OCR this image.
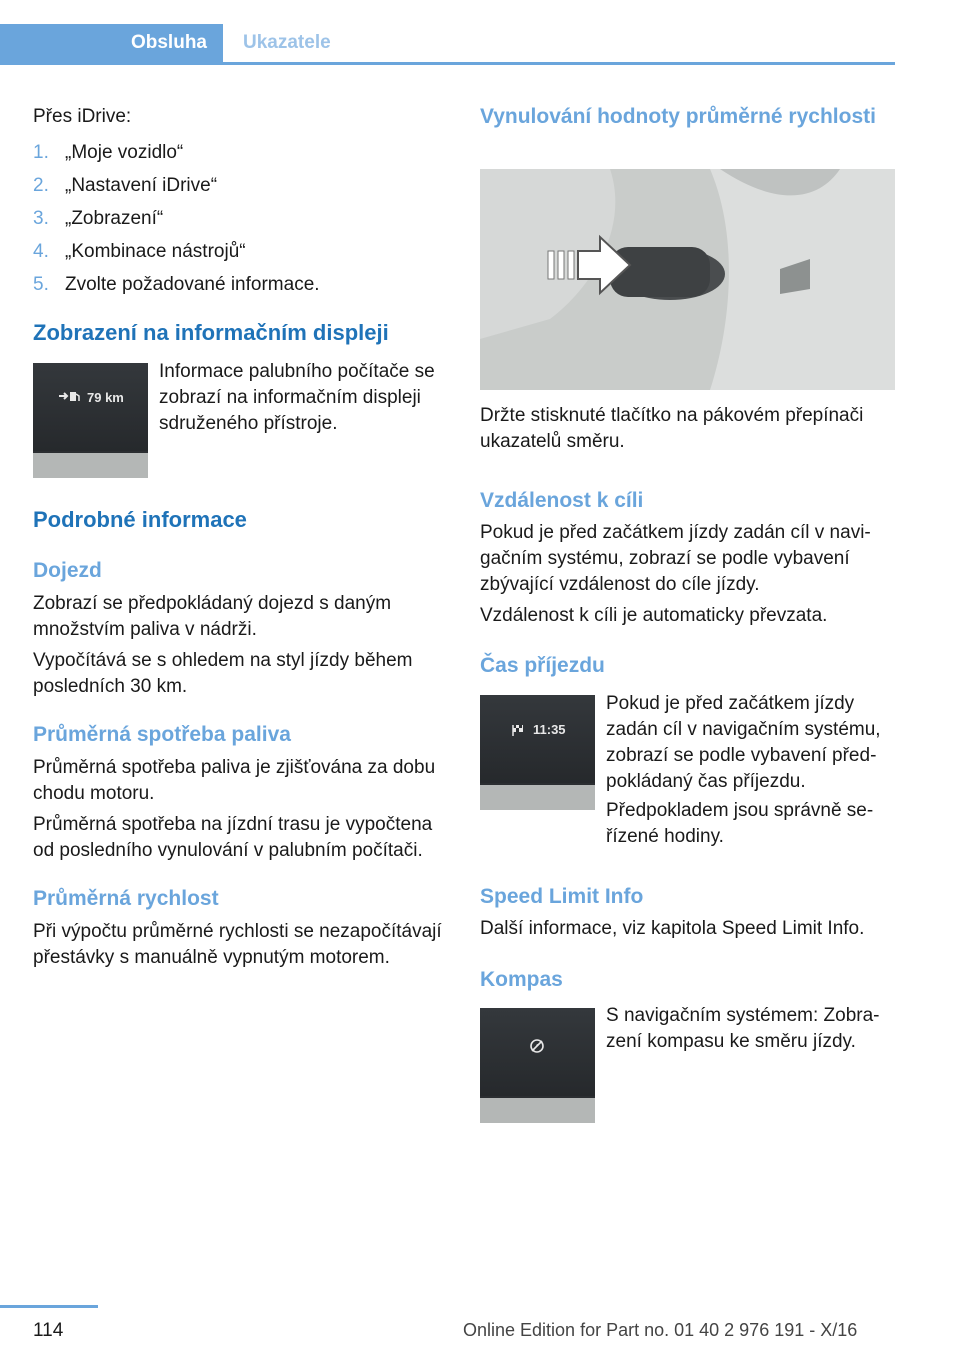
Obsluha	Ukazatele
Přes iDrive:
1. „Moje vozidlo“
2. „Nastavení iDrive“
3. „Zobrazení“
4. „Kombinace nástrojů“
5. Zvolte požadované informace.
Zobrazení na informačním displeji
79 km
Informace palubního počítače se zobrazí na informačním displeji sdruženého přístroje.
Podrobné informace
Dojezd
Zobrazí se předpokládaný dojezd s daným množstvím paliva v nádrži.
Vypočítává se s ohledem na styl jízdy během posledních 30 km.
Průměrná spotřeba paliva
Průměrná spotřeba paliva je zjišťována za dobu chodu motoru.
Průměrná spotřeba na jízdní trasu je vypočtena od posledního vynulování v palubním počítači.
Průměrná rychlost
Při výpočtu průměrné rychlosti se nezapočítávají přestávky s manuálně vypnutým motorem.
Vynulování hodnoty průměrné rychlosti
Držte stisknuté tlačítko na pákovém přepínači ukazatelů směru.
Vzdálenost k cíli
Pokud je před začátkem jízdy zadán cíl v navigačním systému, zobrazí se podle vybavení zbývající vzdálenost do cíle jízdy.
Vzdálenost k cíli je automaticky převzata.
Čas příjezdu
11:35
Pokud je před začátkem jízdy zadán cíl v navigačním systému, zobrazí se podle vybavení předpokládaný čas příjezdu.
Předpokladem jsou správně seřízené hodiny.
Speed Limit Info
Další informace, viz kapitola Speed Limit Info.
Kompas
S navigačním systémem: Zobrazení kompasu ke směru jízdy.
114	Online Edition for Part no. 01 40 2 976 191 - X/16
